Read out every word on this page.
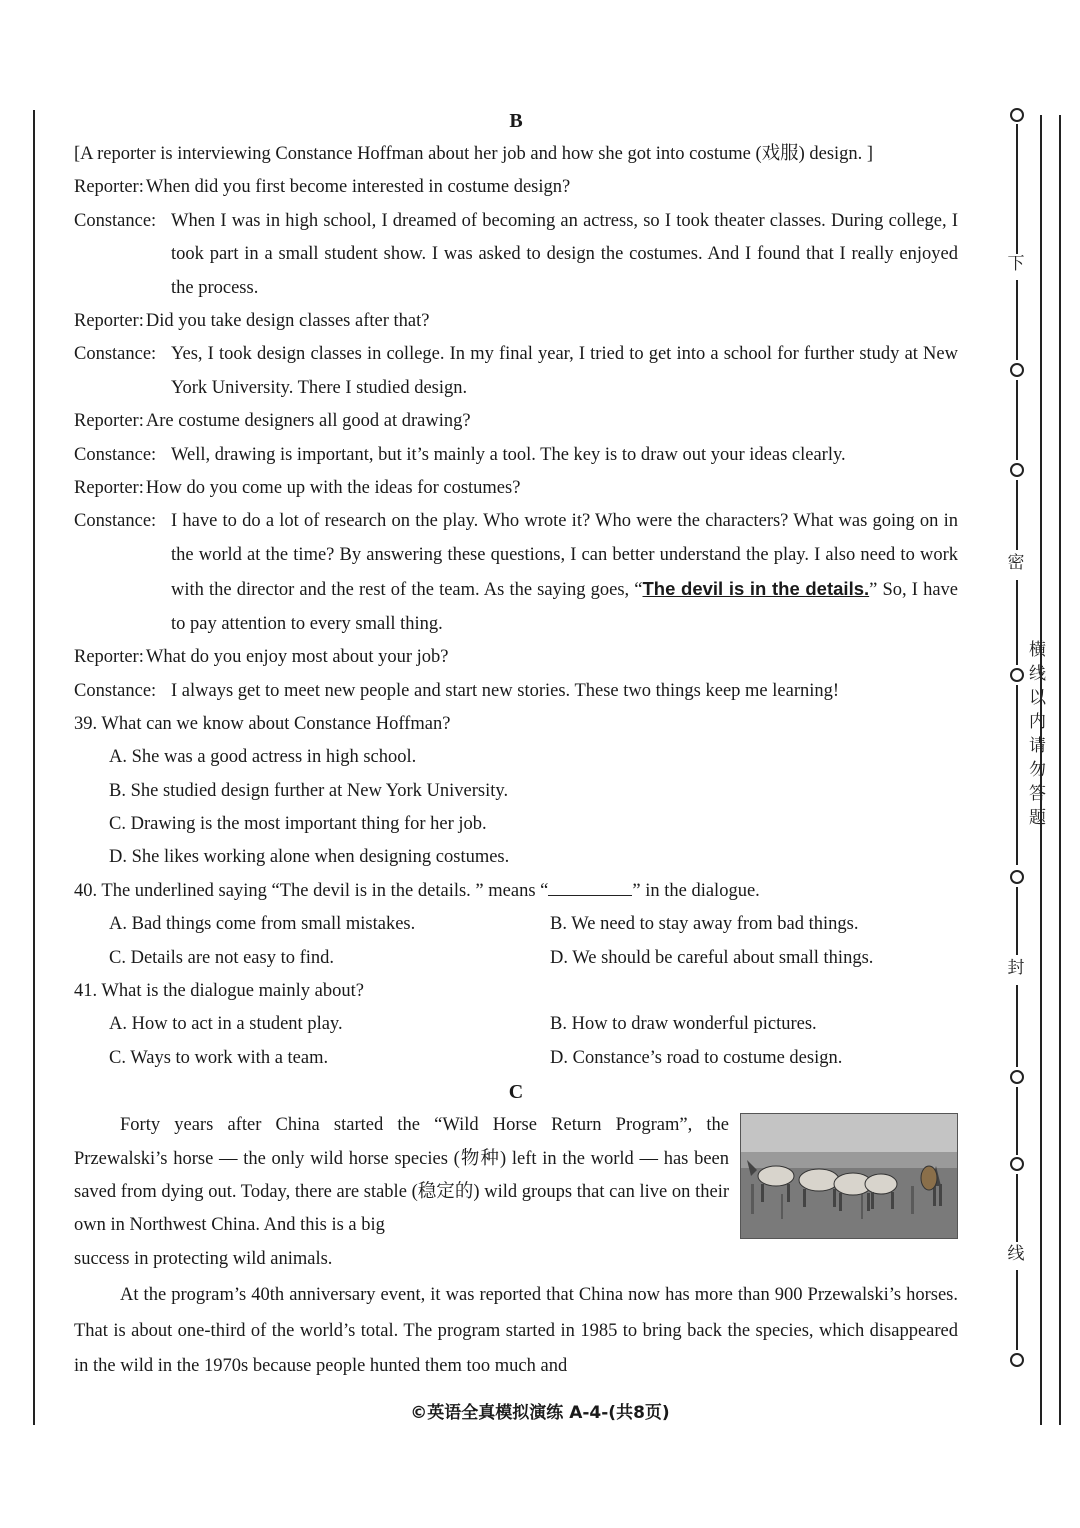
下
密
封
线
横线以内请勿答题
B

[A reporter is interviewing Constance Hoffman about her job and how she got into costume (戏服) design. ]

Reporter: When did you first become interested in costume design?
Constance: When I was in high school, I dreamed of becoming an actress, so I took theater classes. During college, I took part in a small student show. I was asked to design the costumes. And I found that I really enjoyed the process.
Reporter: Did you take design classes after that?
Constance: Yes, I took design classes in college. In my final year, I tried to get into a school for further study at New York University. There I studied design.
Reporter: Are costume designers all good at drawing?
Constance: Well, drawing is important, but it’s mainly a tool. The key is to draw out your ideas clearly.
Reporter: How do you come up with the ideas for costumes?
Constance: I have to do a lot of research on the play. Who wrote it? Who were the characters? What was going on in the world at the time? By answering these questions, I can better understand the play. I also need to work with the director and the rest of the team. As the saying goes, “The devil is in the details.” So, I have to pay attention to every small thing.
Reporter: What do you enjoy most about your job?
Constance: I always get to meet new people and start new stories. These two things keep me learning!

39. What can we know about Constance Hoffman?

A. She was a good actress in high school.
B. She studied design further at New York University.
C. Drawing is the most important thing for her job.
D. She likes working alone when designing costumes.

40. The underlined saying “The devil is in the details. ” means “	” in the dialogue.

A. Bad things come from small mistakes.	B. We need to stay away from bad things.
C. Details are not easy to find.	D. We should be careful about small things.

41. What is the dialogue mainly about?

A. How to act in a student play.	B. How to draw wonderful pictures.
C. Ways to work with a team.	D. Constance’s road to costume design.
C

Forty years after China started the “Wild Horse Return Program”, the Przewalski’s horse — the only wild horse species (物种) left in the world — has been saved from dying out. Today, there are stable (稳定的) wild groups that can live on their own in Northwest China. And this is a big

success in protecting wild animals.

At the program’s 40th anniversary event, it was reported that China now has more than 900 Przewalski’s horses. That is about one-third of the world’s total. The program started in 1985 to bring back the species, which disappeared in the wild in the 1970s because people hunted them too much and

©英语全真模拟演练 A-4-(共8页)
